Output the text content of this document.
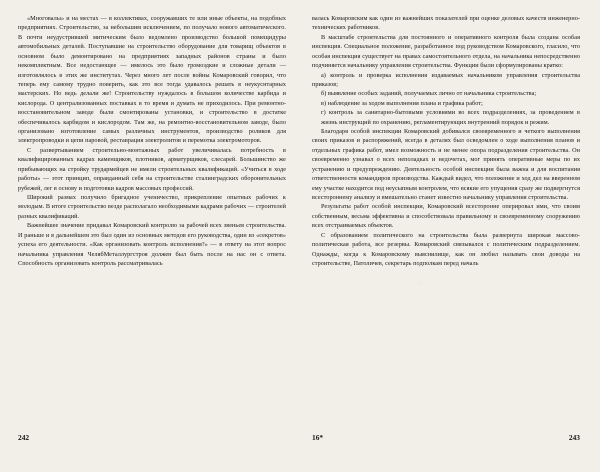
«Многовалы» и на местах — в коллективах, сооружавших те или иные объекты, на подобных предприятиях. Строительство, за небольшим исключением, по получало нового автоматического. В почти неудустрившей митическим было ведомлено производство большой помещидуры автомобильных деталей. Поступавшие на строительство оборудование для товарищ объектов в основном было демонтировано на предприятиях западных районов страны и было некомплектным. Все недостающее — имелось это было громоздкие и сложные детали — изготовлялось в этих же институтах. Через много лет после войны Комаровский говорил, что теперь ему самому трудно поверить, как это все тогда удавалось решать в неукуснтарных мастерских. Но ведь делали же! Строительству нуждалось в большом количестве карбида и кислорода. О централизованных поставках в то время и думать не приходилось. При ремонтно-восстановительном заводе были смонтированы установки, и строительство в достатке обеспечивалось карбидом и кислородом. Там же, на ремонтно-восстановительном заводе, было организовано изготовление самых различных инструментов, производство роликов для электропроводки и цепи паровой, реставрация электролитов и перемотка электромоторов.

С развертыванием строительно-монтажных работ увеличивалась потребность в квалифицированных кадрах каменщиков, плотников, арматурщиков, слесарей. Большинство же прибывающих на стройку трудармейцев не имели строительных квалификаций. «Учиться в ходе работы» — этот принцип, оправданный себя на строительстве сталинградских оборонительных рубежей, лег в основу и подготовки кадров массовых профессий.

Широкий размах получило бригадное ученичество, прикрепление опытных рабочих к молодым. В итоге строительство везде располагало необходимыми кадрами рабочих — строителей разных квалификаций.

Важнейшее значение придавал Комаровский контролю за рабочей всех звеньев строительства. И раньше и в дальнейшем это был один из основных методов его руководства, один из «секретов» успеха его деятельности. «Как организовать контроль исполнения?» — в ответу на этот вопрос начальника управления ЧелябМеталлургстроя должен был быть после на нас он с ответа. Способность организовать контроль рассматривалась

242

валась Комаровским как один из важнейших показателей при оценке деловых качеств инженерно-технических работников.

В масштабе строительства для постоянного и оперативного контроля была создана особая инспекция. Специальное положение, разработанное под руководством Комаровского, гласило, что особая инспекция существует на правах самостоятельного отдела, на начальника непосредственно подчиняется начальнику управления строительства. Функции были сформулированы кратко:

а) контроль и проверка исполнения издаваемых начальником управления строительства приказов;

б) выявление особых заданий, получаемых лично от начальника строительства;

в) наблюдение за ходом выполнения плана и графика работ;

г) контроль за санитарно-бытовыми условиями во всех подразделениях, за проведением в жизнь инструкций по охранению, регламентирующих внутренний порядок и режим.

Благодаря особой инспекции Комаровский добивался своевременного и четкого выполнения своих приказов и распоряжений, всегда в деталях был осведомлен о ходе выполнения планов и отдельных графика работ, имел возможность и не менее опора подразделения строительства. Он своевременно узнавал о всех неполадках и недочетах, мог принять оперативные меры по их устранению и предупреждению. Деятельность особой инспекции была важна и для воспитания ответственности командиров производства. Каждый видел, что положение и ход дел на вверенном ему участке находится под неусыпным контролем, что всякие его упущения сразу же подвергнутся всестороннему анализу и вмешательно станет известно начальнику управления строительства.

Результаты работ особой инспекции, Комаровский всесторонне оперировал ими, что своим собственным, весьма эффективна и способствовала правильному и своевременному сооружению всех отстраиваемых объектов.

С образованием политического на строительства была развернута широкая массово-политическая работа, все резервы. Комаровский связывался с политическим подразделением. Однажды, когда к Комаровскому выяснилище, как он любил называть свои доводы на строительстве, Патоличев, секретарь подполкам перед началь

16*	243
